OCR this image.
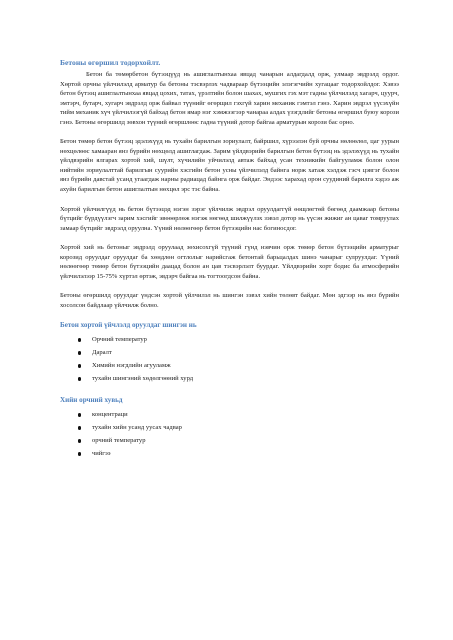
Бетоны өгөршил тодорхойлт.

Бетон ба төмөрбетон бүтээцүүд нь ашиглалтынхаа явцад чанарын алдагдалд орж, улмаар эвдрэлд ордог. Хөртой орчны үйлчилэлд арматур ба бетоны тэсвэрлэх чадвараар бүтээцийн элэгэгчийн хугацааг тодорхойлдог. Хэвээ бетон бүтээц ашиглалтынхаа явцад цохих, татах, үрэлтийн болон шахах, мушгих гэх мэт гадны үйлчилэлд хагарч, цуурч, эмтэрч, бутарч, хугарч эвдрэлд орж байвал түүнийг өгөрщил гэхгүй харин механик гэмтэл гэнэ. Харин эвдрэл үүсэхүйн тийм механик хүч үйлчилээгүй байхад бетон ямар нэг хэмжээгээр чанараа алдах үзэгдлийг бетоны өгөршил буюу корози гэнэ. Бетоны өгөршилд зөвхон түүний өгөршлөөс гадна түүний дотор байгаа арматурын корози бас орно.

Бетон төмөр бетон бүтээц эдэлэхүүд нь тухайн барилгын зориулалт, байршил, хүрээлэн буй орчны нөлөөлөл, цаг уурын нөхцөлөөс хамааран янз бүрийн нөхцөлд ашиглагдаж. Зарим үйлдвэрийн барилгын бетон бүтээц нь эдэлэхүүд нь тухайн үйлдвэрийн ялгарах хортой хий, шүлт, хүчилийн уйчилэлд автаж байхад усан техникийн байгууламж болон олон нийтийн зориулалттай барилгын суурийн хэсгийн бетон усны үйлчилэлд байнга норж хатаж хэлдэж гэсч цэвгэг болон янз бүрийн давстай усанд угаагдаж нарны радиацад байнга орж байдаг. Эндээс харахад орон суудиний барилга хэдээ аж ахуйн барилгын бетон ашиглалтын нөхцөл эрс тэс байна.

Хортой үйлчилгүүд нь бетон бүтээцэд нэгэн зэрэг үйлчилж эвдрэл оруулдаггүй өөщлөгтөй бөгөөд даамжаар бетоны бүтцийг бүрдүүлэгч зарим хэсгийг эвөөөрлөж нэгэж нөгөөд шилжүүлэх зэвэл дотор нь үүсэн жижиг ан цаваг томруулах замаар бүтцийг эвдрэлд оруулна. Үүний нөлөөгөөр бетон бүтээцийн нас богиносдог.

Хортой хий нь бетоныг эвдрэлд оруулаад зөхисохгүй түүний гүнд нэвчин орж төмөр бетон бүтээцийн арматурыг корозид оруулдаг оруулдаг ба хөндлөн огтлолыг нарийсгаж бетонтай барьцалдах шинэ чанарыг сулруулдаг. Үүний нөлөөгөөр төмөр бетон бүтээцийн даацад болон ан цав тэсвэрлэлт буурдаг. Үйлдвэрийн хорт бодис ба атмосферийн үйлчилэлээр 15-75% хүртэл өртэж, эвдэрч байгаа нь тогтоогдсон байна.

Бетоны өгөршилд оруулдаг үндсэн хортой үйлчилэл нь шингэн зэвэл хийн төлөвт байдаг. Мөн эдгээр нь янз бүрийн хосолсон байдлаар үйлчилж болно.

Бетон хортой үйчлэлд оруулдаг шингэн нь
Орчний температур
Даралт
Химийн нэгдлийн агууламж
тухайн шингэний хөдөлгөөний хурд
Хийн орчний хувьд
концентраци
тухайн хийн усанд уусах чадвар
орчний температур
чийгээ
